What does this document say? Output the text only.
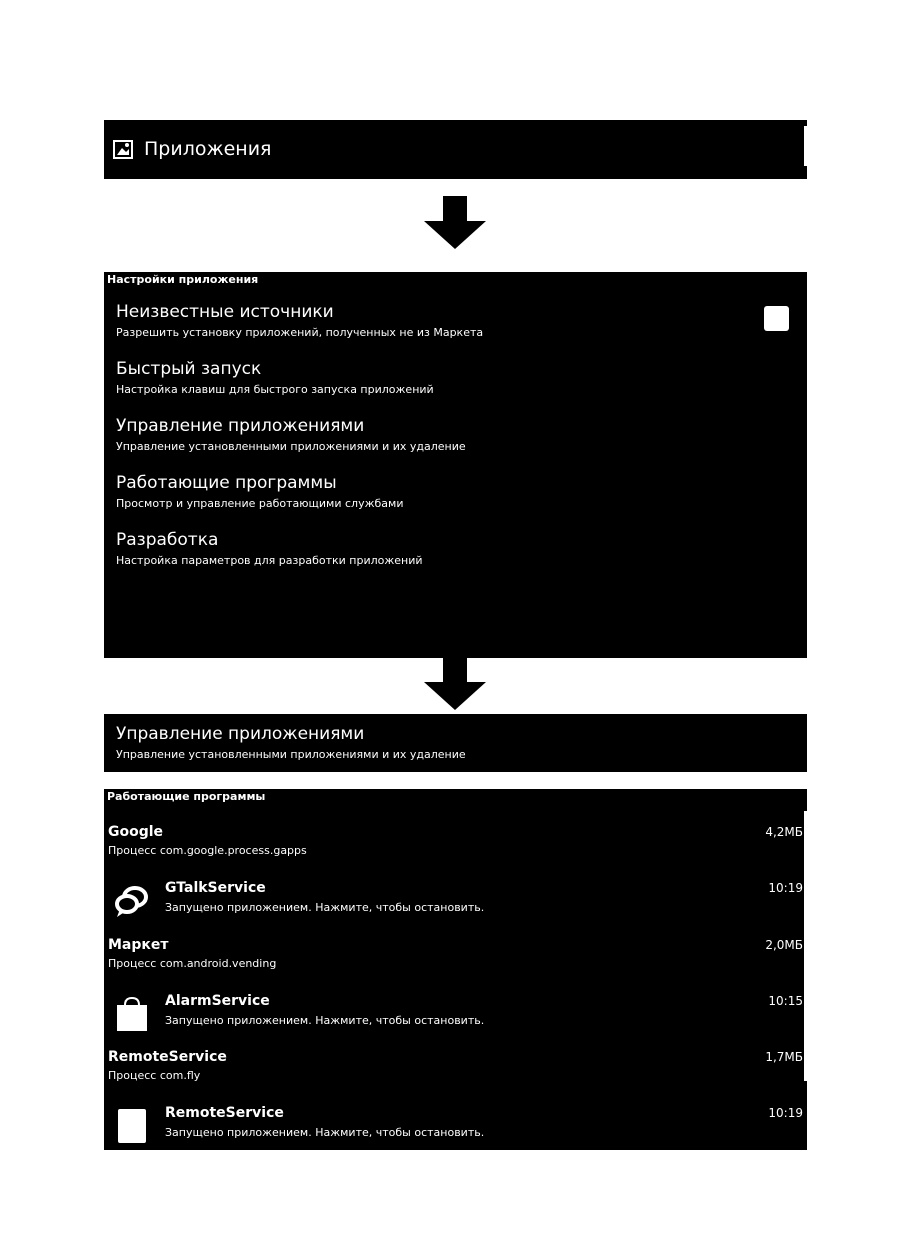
Приложения
Настройки приложения
Неизвестные источники
Разрешить установку приложений, полученных не из Маркета
Быстрый запуск
Настройка клавиш для быстрого запуска приложений
Управление приложениями
Управление установленными приложениями и их удаление
Работающие программы
Просмотр и управление работающими службами
Разработка
Настройка параметров для разработки приложений
Управление приложениями
Управление установленными приложениями и их удаление
Работающие программы
Google
Процесс com.google.process.gapps
4,2МБ
GTalkService
Запущено приложением. Нажмите, чтобы остановить.
10:19
Маркет
Процесс com.android.vending
2,0МБ
AlarmService
Запущено приложением. Нажмите, чтобы остановить.
10:15
RemoteService
Процесс com.fly
1,7МБ
RemoteService
Запущено приложением. Нажмите, чтобы остановить.
10:19
